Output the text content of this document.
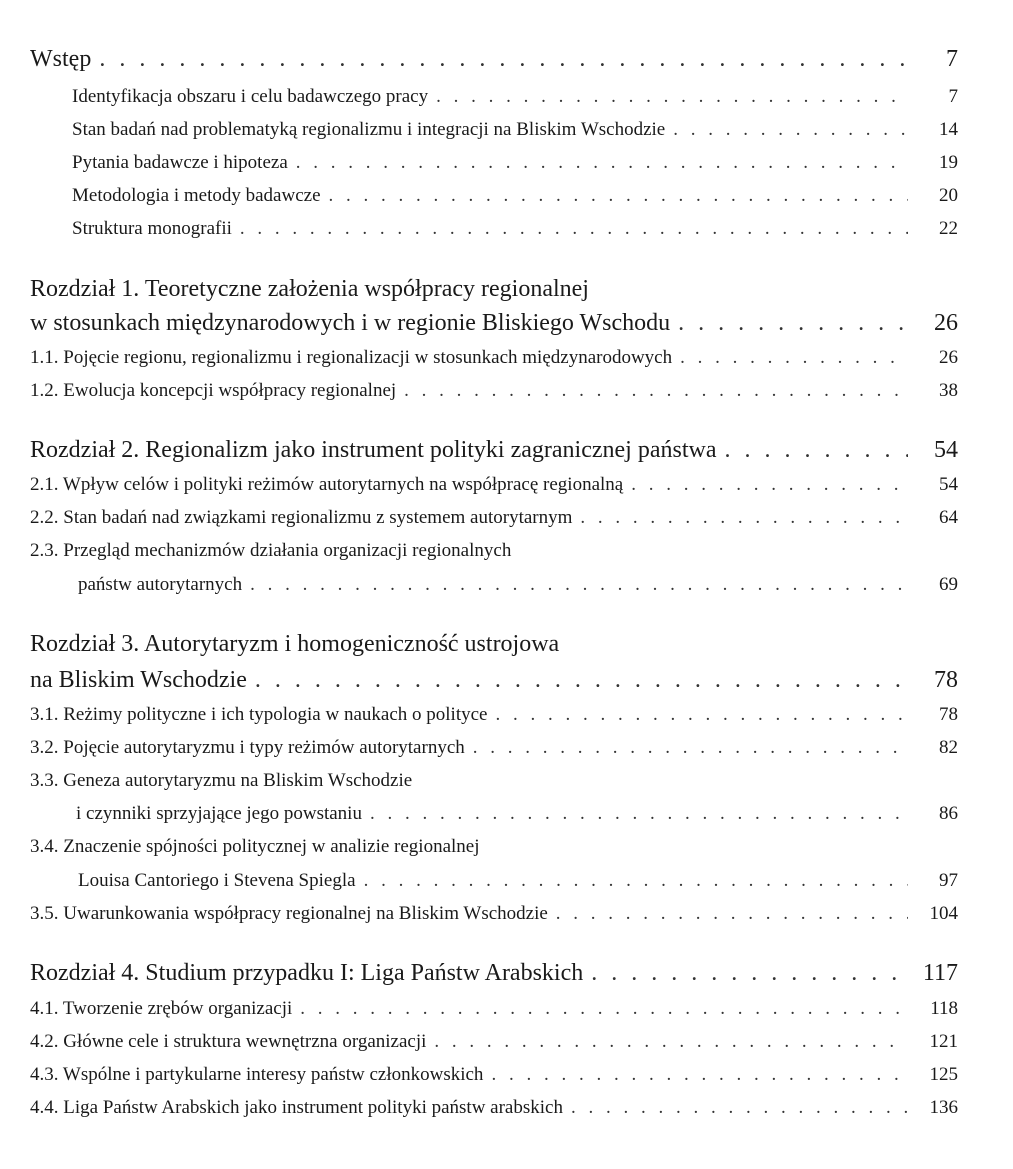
Wstęp . . .	7
Identyfikacja obszaru i celu badawczego pracy . . .	7
Stan badań nad problematyką regionalizmu i integracji na Bliskim Wschodzie . . .	14
Pytania badawcze i hipoteza . . .	19
Metodologia i metody badawcze . . .	20
Struktura monografii . . .	22
Rozdział 1. Teoretyczne założenia współpracy regionalnej
w stosunkach międzynarodowych i w regionie Bliskiego Wschodu . . .	26
1.1. Pojęcie regionu, regionalizmu i regionalizacji w stosunkach międzynarodowych . . .	26
1.2. Ewolucja koncepcji współpracy regionalnej . . .	38
Rozdział 2. Regionalizm jako instrument polityki zagranicznej państwa . . .	54
2.1. Wpływ celów i polityki reżimów autorytarnych na współpracę regionalną . . .	54
2.2. Stan badań nad związkami regionalizmu z systemem autorytarnym . . .	64
2.3. Przegląd mechanizmów działania organizacji regionalnych
państw autorytarnych . . .	69
Rozdział 3. Autorytaryzm i homogeniczność ustrojowa
na Bliskim Wschodzie . . .	78
3.1. Reżimy polityczne i ich typologia w naukach o polityce . . .	78
3.2. Pojęcie autorytaryzmu i typy reżimów autorytarnych . . .	82
3.3. Geneza autorytaryzmu na Bliskim Wschodzie
i czynniki sprzyjające jego powstaniu . . .	86
3.4. Znaczenie spójności politycznej w analizie regionalnej
Louisa Cantoriego i Stevena Spiegla . . .	97
3.5. Uwarunkowania współpracy regionalnej na Bliskim Wschodzie . . .	104
Rozdział 4. Studium przypadku I: Liga Państw Arabskich . . .	117
4.1. Tworzenie zrębów organizacji . . .	118
4.2. Główne cele i struktura wewnętrzna organizacji . . .	121
4.3. Wspólne i partykularne interesy państw członkowskich . . .	125
4.4. Liga Państw Arabskich jako instrument polityki państw arabskich . . .	136
